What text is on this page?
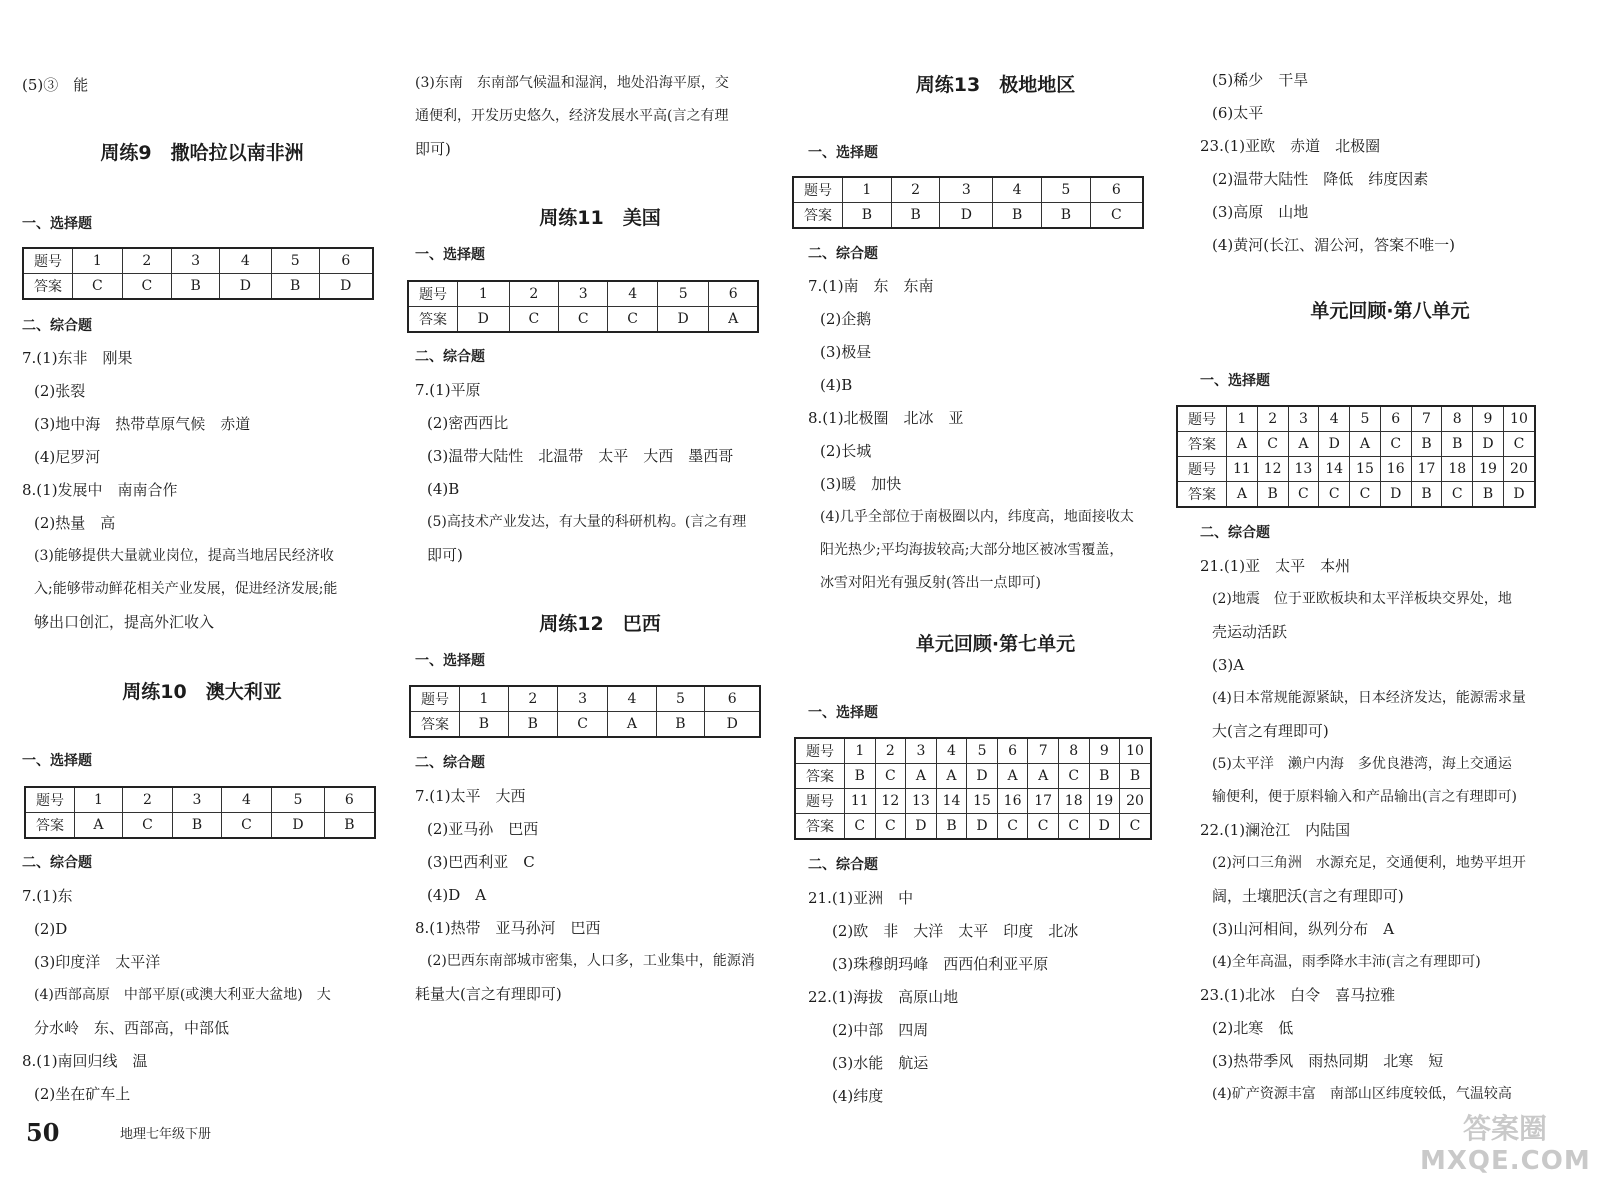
(5)③　能
周练9　撒哈拉以南非洲
一、选择题
题号	1	2	3	4	5	6
答案	C	C	B	D	B	D
二、综合题
7.(1)东非　刚果
(2)张裂
(3)地中海　热带草原气候　赤道
(4)尼罗河
8.(1)发展中　南南合作
(2)热量　高
(3)能够提供大量就业岗位，提高当地居民经济收
入;能够带动鲜花相关产业发展，促进经济发展;能
够出口创汇，提高外汇收入
周练10　澳大利亚
一、选择题
题号	1	2	3	4	5	6
答案	A	C	B	C	D	B
二、综合题
7.(1)东
(2)D
(3)印度洋　太平洋
(4)西部高原　中部平原(或澳大利亚大盆地)　大
分水岭　东、西部高，中部低
8.(1)南回归线　温
(2)坐在矿车上
(3)东南　东南部气候温和湿润，地处沿海平原，交
通便利，开发历史悠久，经济发展水平高(言之有理
即可)
周练11　美国
一、选择题
题号	1	2	3	4	5	6
答案	D	C	C	C	D	A
二、综合题
7.(1)平原
(2)密西西比
(3)温带大陆性　北温带　太平　大西　墨西哥
(4)B
(5)高技术产业发达，有大量的科研机构。(言之有理
即可)
周练12　巴西
一、选择题
题号	1	2	3	4	5	6
答案	B	B	C	A	B	D
二、综合题
7.(1)太平　大西
(2)亚马孙　巴西
(3)巴西利亚　C
(4)D　A
8.(1)热带　亚马孙河　巴西
(2)巴西东南部城市密集，人口多，工业集中，能源消
耗量大(言之有理即可)
周练13　极地地区
一、选择题
题号	1	2	3	4	5	6
答案	B	B	D	B	B	C
二、综合题
7.(1)南　东　东南
(2)企鹅
(3)极昼
(4)B
8.(1)北极圈　北冰　亚
(2)长城
(3)暖　加快
(4)几乎全部位于南极圈以内，纬度高，地面接收太
阳光热少;平均海拔较高;大部分地区被冰雪覆盖，
冰雪对阳光有强反射(答出一点即可)
单元回顾·第七单元
一、选择题
题号	1	2	3	4	5	6	7	8	9	10
答案	B	C	A	A	D	A	A	C	B	B
题号	11	12	13	14	15	16	17	18	19	20
答案	C	C	D	B	D	C	C	C	D	C
二、综合题
21.(1)亚洲　中
(2)欧　非　大洋　太平　印度　北冰
(3)珠穆朗玛峰　西西伯利亚平原
22.(1)海拔　高原山地
(2)中部　四周
(3)水能　航运
(4)纬度
(5)稀少　干旱
(6)太平
23.(1)亚欧　赤道　北极圈
(2)温带大陆性　降低　纬度因素
(3)高原　山地
(4)黄河(长江、湄公河，答案不唯一)
单元回顾·第八单元
一、选择题
题号	1	2	3	4	5	6	7	8	9	10
答案	A	C	A	D	A	C	B	B	D	C
题号	11	12	13	14	15	16	17	18	19	20
答案	A	B	C	C	C	D	B	C	B	D
二、综合题
21.(1)亚　太平　本州
(2)地震　位于亚欧板块和太平洋板块交界处，地
壳运动活跃
(3)A
(4)日本常规能源紧缺，日本经济发达，能源需求量
大(言之有理即可)
(5)太平洋　濑户内海　多优良港湾，海上交通运
输便利，便于原料输入和产品输出(言之有理即可)
22.(1)澜沧江　内陆国
(2)河口三角洲　水源充足，交通便利，地势平坦开
阔，土壤肥沃(言之有理即可)
(3)山河相间，纵列分布　A
(4)全年高温，雨季降水丰沛(言之有理即可)
23.(1)北冰　白令　喜马拉雅
(2)北寒　低
(3)热带季风　雨热同期　北寒　短
(4)矿产资源丰富　南部山区纬度较低，气温较高
50	地理七年级下册	答案圈
MXQE.COM
